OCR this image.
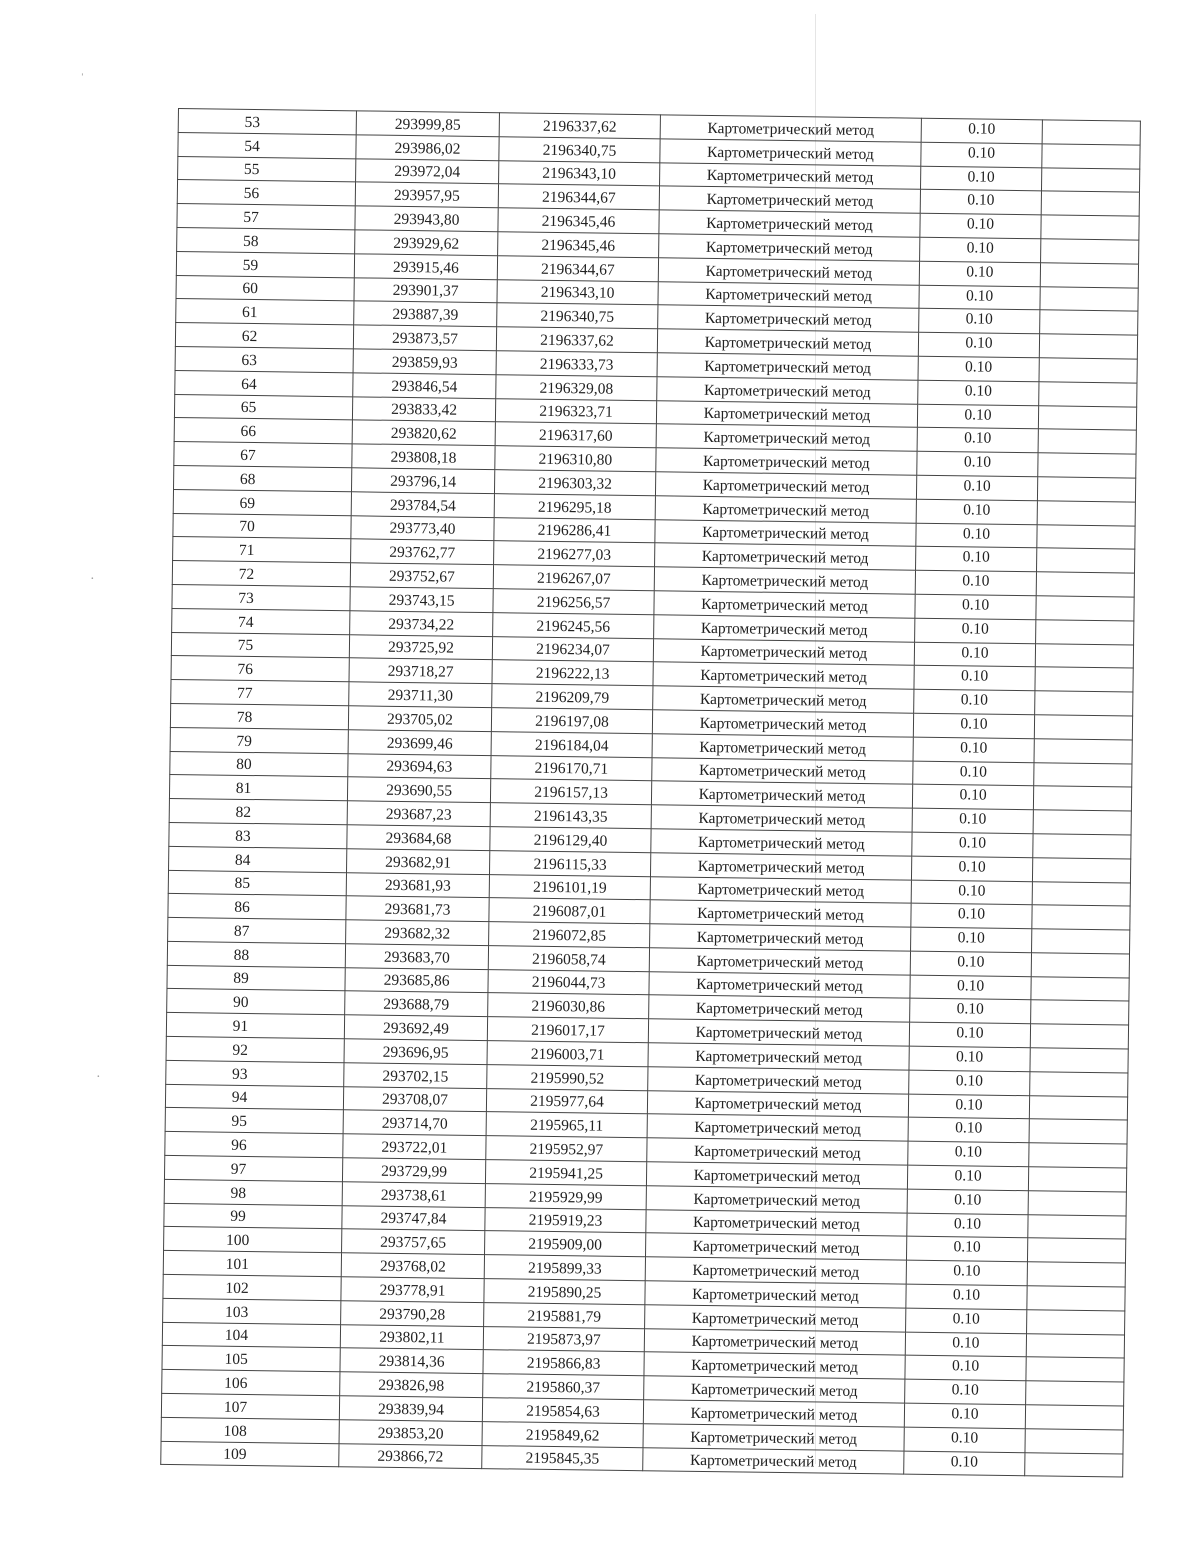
ˈ
·
·
53	293999,85	2196337,62	Картометрический метод	0.10	
54	293986,02	2196340,75	Картометрический метод	0.10	
55	293972,04	2196343,10	Картометрический метод	0.10	
56	293957,95	2196344,67	Картометрический метод	0.10	
57	293943,80	2196345,46	Картометрический метод	0.10	
58	293929,62	2196345,46	Картометрический метод	0.10	
59	293915,46	2196344,67	Картометрический метод	0.10	
60	293901,37	2196343,10	Картометрический метод	0.10	
61	293887,39	2196340,75	Картометрический метод	0.10	
62	293873,57	2196337,62	Картометрический метод	0.10	
63	293859,93	2196333,73	Картометрический метод	0.10	
64	293846,54	2196329,08	Картометрический метод	0.10	
65	293833,42	2196323,71	Картометрический метод	0.10	
66	293820,62	2196317,60	Картометрический метод	0.10	
67	293808,18	2196310,80	Картометрический метод	0.10	
68	293796,14	2196303,32	Картометрический метод	0.10	
69	293784,54	2196295,18	Картометрический метод	0.10	
70	293773,40	2196286,41	Картометрический метод	0.10	
71	293762,77	2196277,03	Картометрический метод	0.10	
72	293752,67	2196267,07	Картометрический метод	0.10	
73	293743,15	2196256,57	Картометрический метод	0.10	
74	293734,22	2196245,56	Картометрический метод	0.10	
75	293725,92	2196234,07	Картометрический метод	0.10	
76	293718,27	2196222,13	Картометрический метод	0.10	
77	293711,30	2196209,79	Картометрический метод	0.10	
78	293705,02	2196197,08	Картометрический метод	0.10	
79	293699,46	2196184,04	Картометрический метод	0.10	
80	293694,63	2196170,71	Картометрический метод	0.10	
81	293690,55	2196157,13	Картометрический метод	0.10	
82	293687,23	2196143,35	Картометрический метод	0.10	
83	293684,68	2196129,40	Картометрический метод	0.10	
84	293682,91	2196115,33	Картометрический метод	0.10	
85	293681,93	2196101,19	Картометрический метод	0.10	
86	293681,73	2196087,01	Картометрический метод	0.10	
87	293682,32	2196072,85	Картометрический метод	0.10	
88	293683,70	2196058,74	Картометрический метод	0.10	
89	293685,86	2196044,73	Картометрический метод	0.10	
90	293688,79	2196030,86	Картометрический метод	0.10	
91	293692,49	2196017,17	Картометрический метод	0.10	
92	293696,95	2196003,71	Картометрический метод	0.10	
93	293702,15	2195990,52	Картометрический метод	0.10	
94	293708,07	2195977,64	Картометрический метод	0.10	
95	293714,70	2195965,11	Картометрический метод	0.10	
96	293722,01	2195952,97	Картометрический метод	0.10	
97	293729,99	2195941,25	Картометрический метод	0.10	
98	293738,61	2195929,99	Картометрический метод	0.10	
99	293747,84	2195919,23	Картометрический метод	0.10	
100	293757,65	2195909,00	Картометрический метод	0.10	
101	293768,02	2195899,33	Картометрический метод	0.10	
102	293778,91	2195890,25	Картометрический метод	0.10	
103	293790,28	2195881,79	Картометрический метод	0.10	
104	293802,11	2195873,97	Картометрический метод	0.10	
105	293814,36	2195866,83	Картометрический метод	0.10	
106	293826,98	2195860,37	Картометрический метод	0.10	
107	293839,94	2195854,63	Картометрический метод	0.10	
108	293853,20	2195849,62	Картометрический метод	0.10	
109	293866,72	2195845,35	Картометрический метод	0.10	
